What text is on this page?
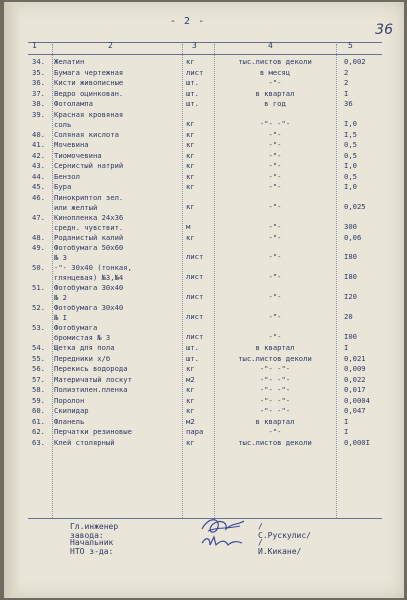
- 2 -
36
1	2	3	4	5
34. Желатин	кг	тыс.листов деколи	0,002
35. Бумага чертежная	лист	в месяц	2
36. Кисти живописные	шт.	-"-	2
37. Ведро оцинкован.	шт.	в квартал	I
38. Фотолампа	шт.	в год	36
39. Красная кровяная
соль	кг	-"- -"-	I,0
40. Соляная кислота	кг	-"-	I,5
41. Мочевина	кг	-"-	0,5
42. Тиомочевина	кг	-"-	0,5
43. Сернистый натрий	кг	-"-	I,0
44. Бензол	кг	-"-	0,5
45. Бура	кг	-"-	I,0
46. Пинокриптол зел.
или желтый	кг	-"-	0,025
47. Кинопленка 24х36
средн. чувствит.	м	-"-	300
48. Роданистый калий	кг	-"-	0,06
49. Фотобумага 50х60
№ 3	лист	-"-	I80
50. -"- 30х40 (тонкая,
глянцевая) №3,№4	лист	-"-	I80
51. Фотобумага 30х40
№ 2	лист	-"-	I20
52. Фотобумага 30х40
№ I	лист	-"-	20
53. Фотобумага
бромистая № 3	лист	-"-	I00
54. Щетка для пола	шт.	в квартал	I
55. Передники х/б	шт.	тыс.листов деколи	0,021
56. Перекись водорода	кг	-"- -"-	0,009
57. Материчатый лоскут	м2	-"- -"-	0,022
58. Полиэтилен.пленка	кг	-"- -"-	0,017
59. Поролон	кг	-"- -"-	0,0004
60. Скипидар	кг	-"- -"-	0,047
61. Фланель	м2	в квартал	I
62. Перчатки резиновые	пара	-"-	I
63. Клей столярный	кг	тыс.листов деколи	0,000I
Гл.инженер завода:
/С.Рускулис/
Начальник НТО з-да:
/И.Кикане/
